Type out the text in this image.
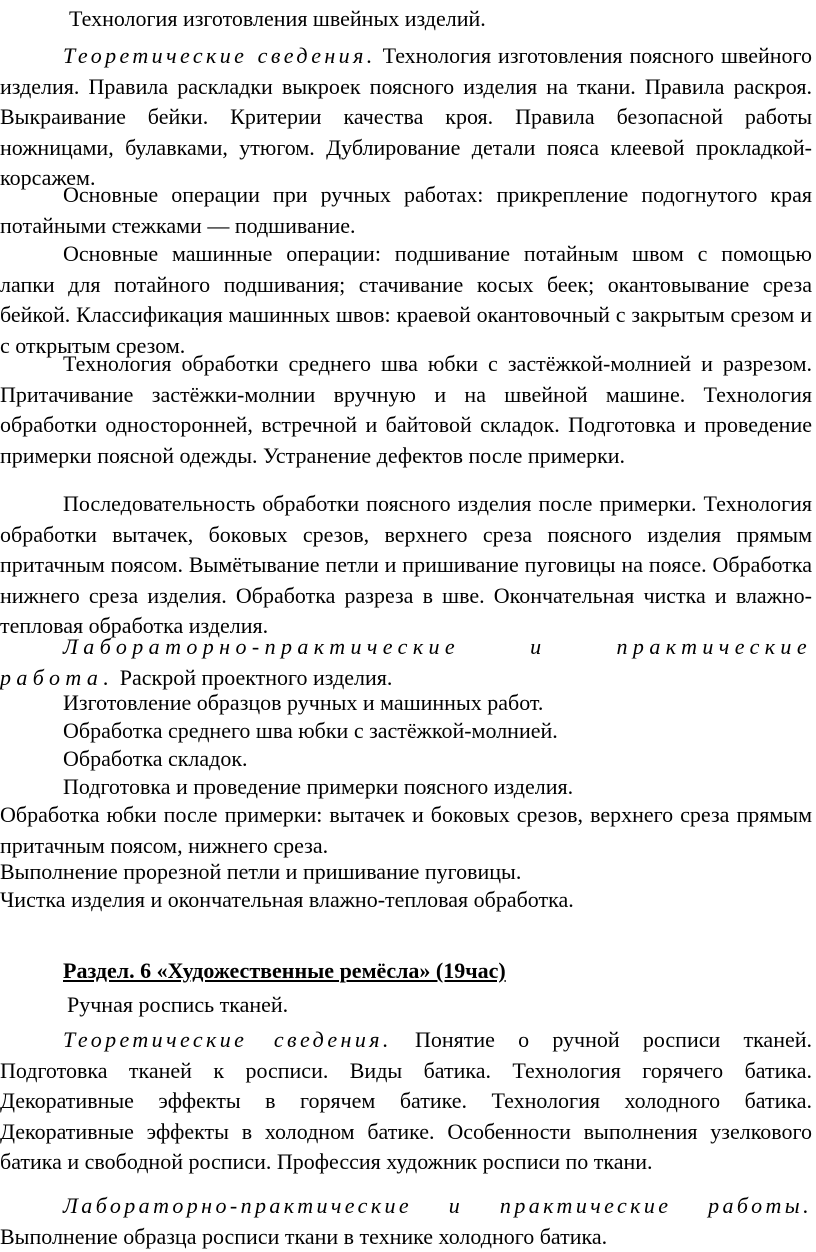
Технология изготовления швейных изделий.

Теоретические сведения. Технология изготовления поясного швейного изделия. Правила раскладки выкроек поясного изделия на ткани. Правила раскроя. Выкраивание бейки. Критерии качества кроя. Правила безопасной работы ножницами, булавками, утюгом. Дублирование детали пояса клеевой прокладкой-корсажем.

Основные операции при ручных работах: прикрепление подогнутого края потайными стежками — подшивание.

Основные машинные операции: подшивание потайным швом с помощью лапки для потайного подшивания; стачивание косых беек; окантовывание среза бейкой. Классификация машинных швов: краевой окантовочный с закрытым срезом и с открытым срезом.

Технология обработки среднего шва юбки с застёжкой-молнией и разрезом. Притачивание застёжки-молнии вручную и на швейной машине. Технология обработки односторонней, встречной и байтовой складок. Подготовка и проведение примерки поясной одежды. Устранение дефектов после примерки.

Последовательность обработки поясного изделия после примерки. Технология обработки вытачек, боковых срезов, верхнего среза поясного изделия прямым притачным поясом. Вымётывание петли и пришивание пуговицы на поясе. Обработка нижнего среза изделия. Обработка разреза в шве. Окончательная чистка и влажно-тепловая обработка изделия.

Лабораторно-практические и практические работа. Раскрой проектного изделия.

Изготовление образцов ручных и машинных работ.

Обработка среднего шва юбки с застёжкой-молнией.

Обработка складок.

Подготовка и проведение примерки поясного изделия.

Обработка юбки после примерки: вытачек и боковых срезов, верхнего среза прямым притачным поясом, нижнего среза.

Выполнение прорезной петли и пришивание пуговицы.

Чистка изделия и окончательная влажно-тепловая обработка.

Раздел. 6 «Художественные ремёсла» (19час)

Ручная роспись тканей.

Теоретические сведения. Понятие о ручной росписи тканей. Подготовка тканей к росписи. Виды батика. Технология горячего батика. Декоративные эффекты в горячем батике. Технология холодного батика. Декоративные эффекты в холодном батике. Особенности выполнения узелкового батика и свободной росписи. Профессия художник росписи по ткани.

Лабораторно-практические и практические работы. Выполнение образца росписи ткани в технике холодного батика.
